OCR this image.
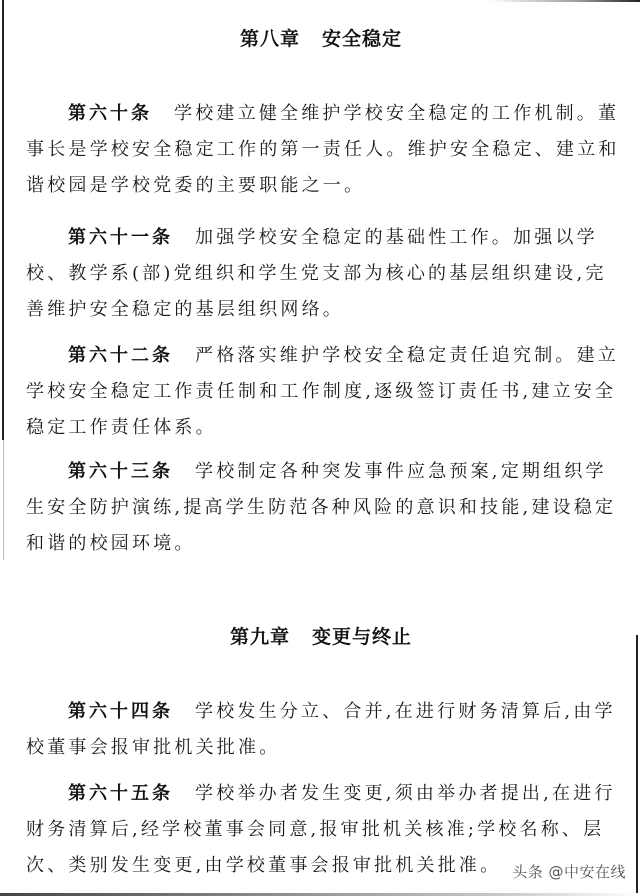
第八章 安全稳定
第六十条 学校建立健全维护学校安全稳定的工作机制。董
事长是学校安全稳定工作的第一责任人。维护安全稳定、建立和
谐校园是学校党委的主要职能之一。
第六十一条 加强学校安全稳定的基础性工作。加强以学
校、教学系(部)党组织和学生党支部为核心的基层组织建设,完
善维护安全稳定的基层组织网络。
第六十二条 严格落实维护学校安全稳定责任追究制。建立
学校安全稳定工作责任制和工作制度,逐级签订责任书,建立安全
稳定工作责任体系。
第六十三条 学校制定各种突发事件应急预案,定期组织学
生安全防护演练,提高学生防范各种风险的意识和技能,建设稳定
和谐的校园环境。
第九章 变更与终止
第六十四条 学校发生分立、合并,在进行财务清算后,由学
校董事会报审批机关批准。
第六十五条 学校举办者发生变更,须由举办者提出,在进行
财务清算后,经学校董事会同意,报审批机关核准;学校名称、层
次、类别发生变更,由学校董事会报审批机关批准。 头条 @中安在线
